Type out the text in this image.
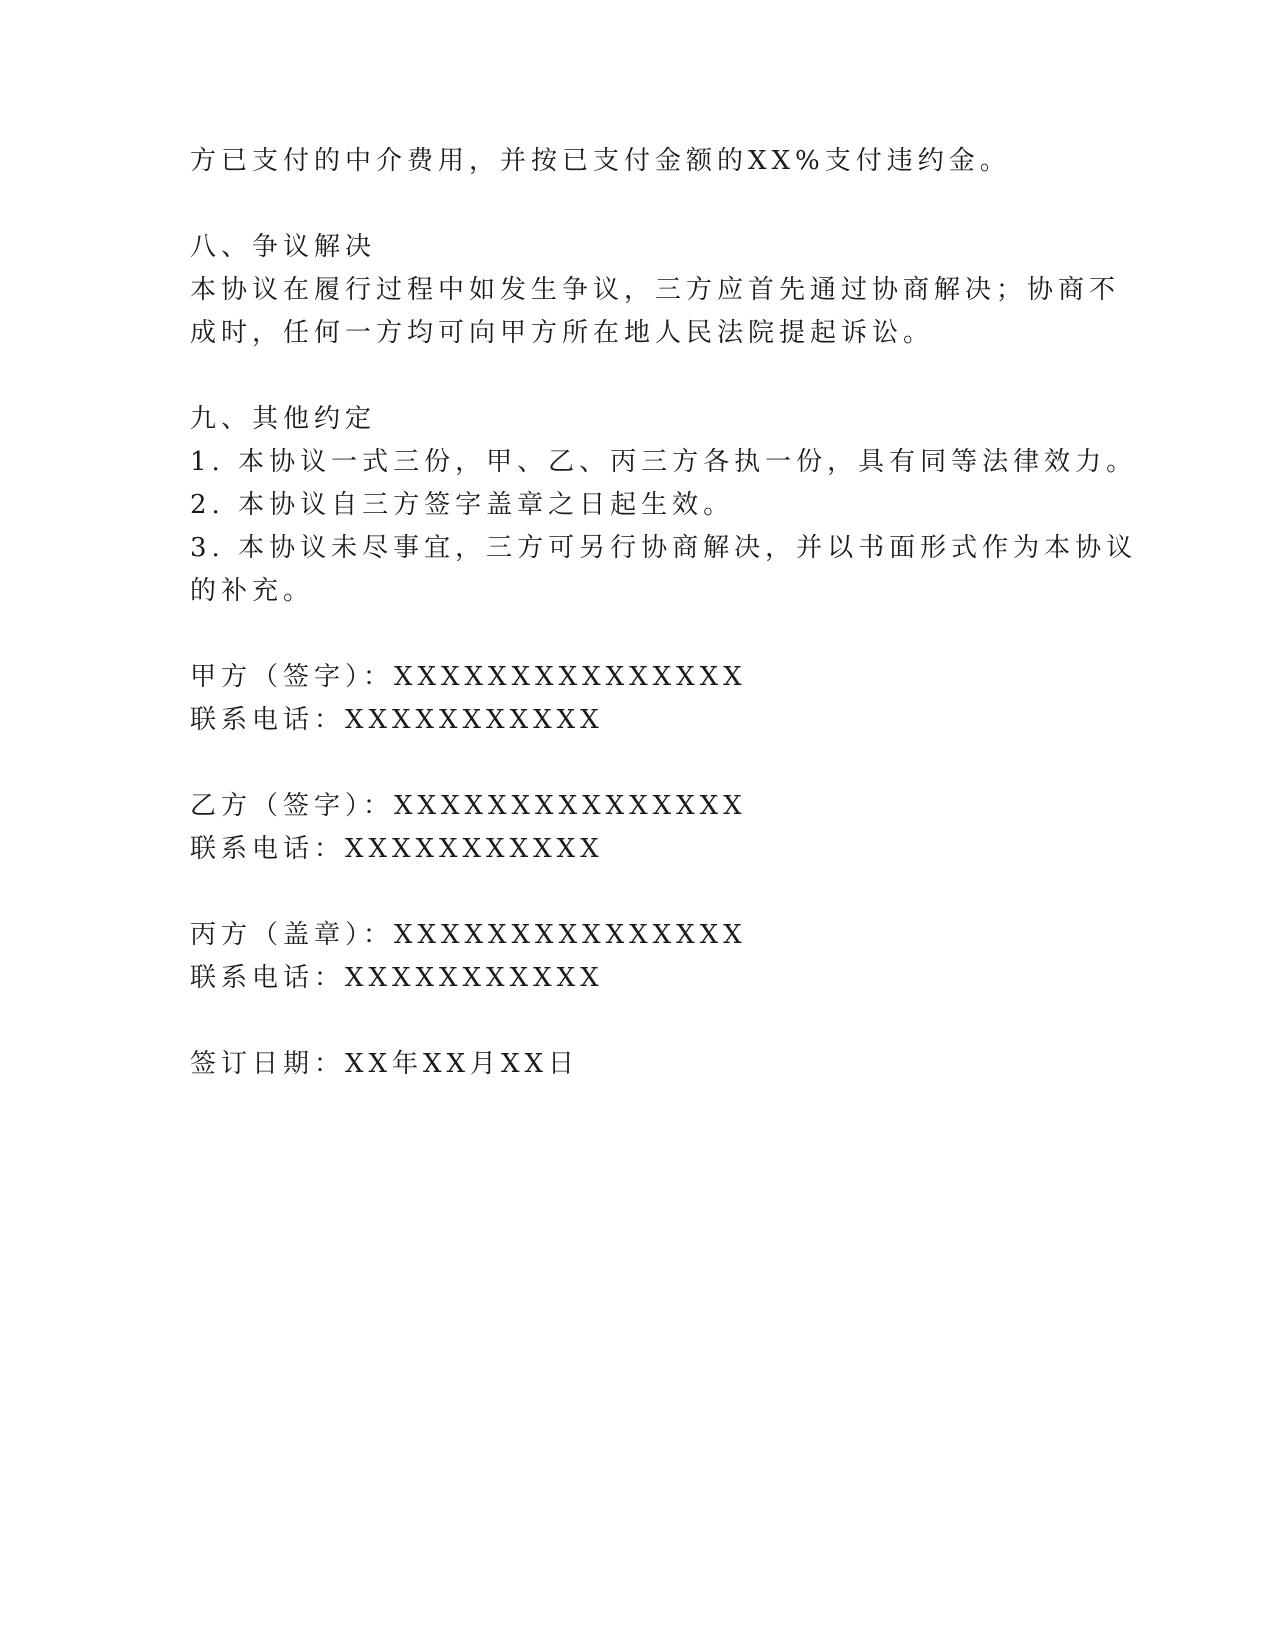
方已支付的中介费用，并按已支付金额的XX%支付违约金。
八、争议解决
本协议在履行过程中如发生争议，三方应首先通过协商解决；协商不
成时，任何一方均可向甲方所在地人民法院提起诉讼。
九、其他约定
1. 本协议一式三份，甲、乙、丙三方各执一份，具有同等法律效力。
2. 本协议自三方签字盖章之日起生效。
3. 本协议未尽事宜，三方可另行协商解决，并以书面形式作为本协议
的补充。
甲方（签字）：XXXXXXXXXXXXXXX
联系电话：XXXXXXXXXXX
乙方（签字）：XXXXXXXXXXXXXXX
联系电话：XXXXXXXXXXX
丙方（盖章）：XXXXXXXXXXXXXXX
联系电话：XXXXXXXXXXX
签订日期：XX年XX月XX日
